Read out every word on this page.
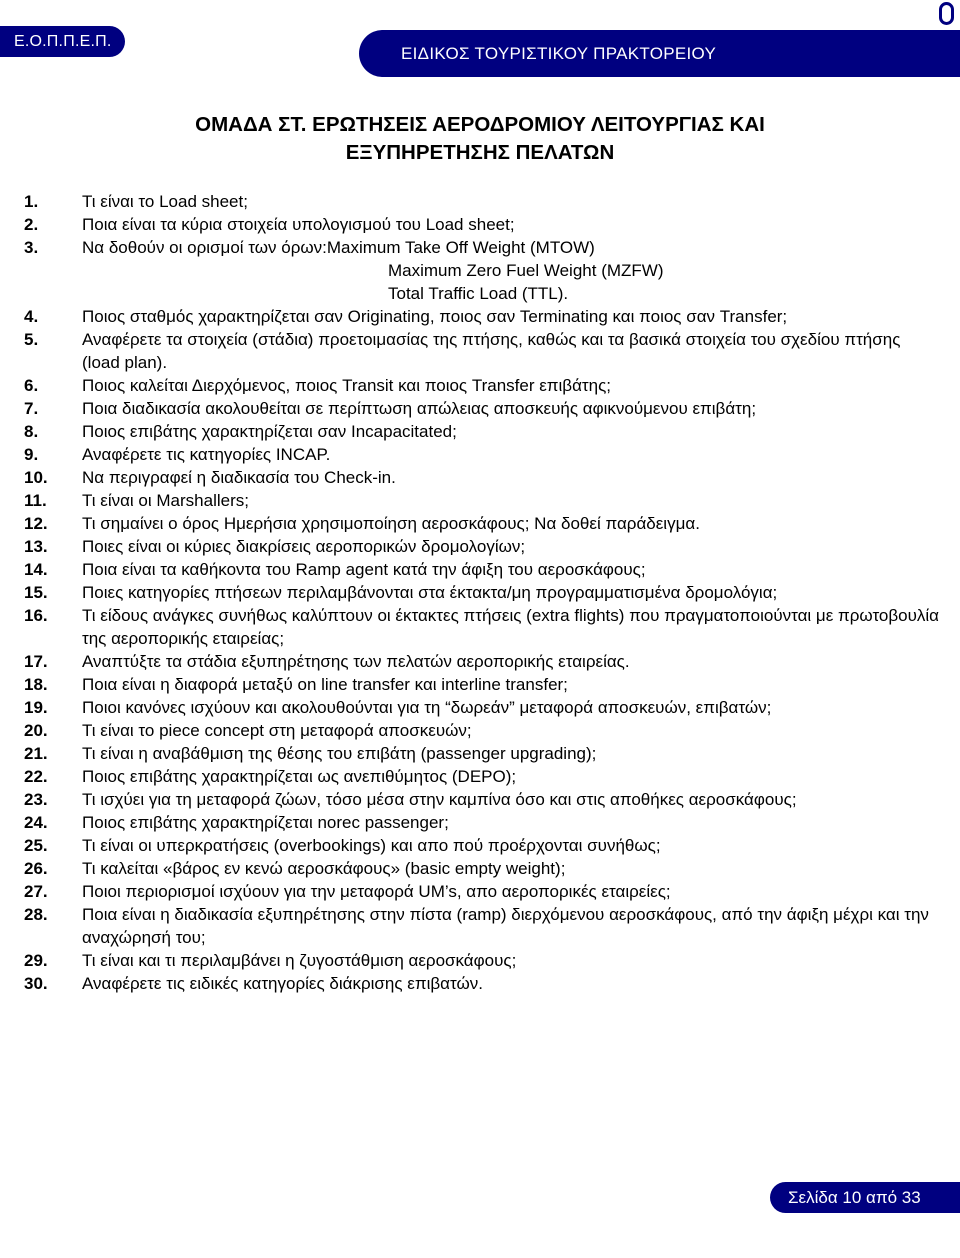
Ε.Ο.Π.Π.Ε.Π.
ΕΙΔΙΚΟΣ ΤΟΥΡΙΣΤΙΚΟΥ ΠΡΑΚΤΟΡΕΙΟΥ
ΟΜΑΔΑ ΣΤ. ΕΡΩΤΗΣΕΙΣ ΑΕΡΟΔΡΟΜΙΟΥ ΛΕΙΤΟΥΡΓΙΑΣ ΚΑΙ
ΕΞΥΠΗΡΕΤΗΣΗΣ ΠΕΛΑΤΩΝ
1.	Τι είναι το Load sheet;
2.	Ποια είναι τα κύρια στοιχεία υπολογισμού του Load sheet;
3.	Να δοθούν οι ορισμοί των όρων:Maximum Take Off Weight (MTOW)
Maximum Zero Fuel Weight (MZFW)
Total Traffic Load (TTL).
4.	Ποιος σταθμός χαρακτηρίζεται σαν Originating, ποιος σαν Terminating και ποιος σαν Transfer;
5.	Αναφέρετε τα στοιχεία (στάδια) προετοιμασίας της πτήσης, καθώς και τα βασικά στοιχεία του σχεδίου πτήσης (load plan).
6.	Ποιος καλείται Διερχόμενος, ποιος Transit και ποιος Transfer επιβάτης;
7.	Ποια διαδικασία ακολουθείται σε περίπτωση απώλειας αποσκευής αφικνούμενου επιβάτη;
8.	Ποιος επιβάτης χαρακτηρίζεται σαν Incapacitated;
9.	Αναφέρετε τις κατηγορίες INCAP.
10. Να περιγραφεί η διαδικασία του Check-in.
11. Τι είναι οι Marshallers;
12. Τι σημαίνει ο όρος Ημερήσια χρησιμοποίηση αεροσκάφους; Να δοθεί παράδειγμα.
13. Ποιες είναι οι κύριες διακρίσεις αεροπορικών δρομολογίων;
14. Ποια είναι τα καθήκοντα του Ramp agent κατά την άφιξη του αεροσκάφους;
15. Ποιες κατηγορίες πτήσεων περιλαμβάνονται στα έκτακτα/μη προγραμματισμένα δρομολόγια;
16. Τι είδους ανάγκες συνήθως καλύπτουν οι έκτακτες πτήσεις (extra flights) που πραγματοποιούνται με πρωτοβουλία της αεροπορικής εταιρείας;
17. Αναπτύξτε τα στάδια εξυπηρέτησης των πελατών αεροπορικής εταιρείας.
18. Ποια είναι η διαφορά μεταξύ on line transfer και interline transfer;
19. Ποιοι κανόνες ισχύουν και ακολουθούνται για τη “δωρεάν” μεταφορά αποσκευών, επιβατών;
20. Τι είναι το piece concept στη μεταφορά αποσκευών;
21. Τι είναι η αναβάθμιση της θέσης του επιβάτη (passenger upgrading);
22. Ποιος επιβάτης χαρακτηρίζεται ως ανεπιθύμητος (DEPO);
23. Τι ισχύει για τη μεταφορά ζώων, τόσο μέσα στην καμπίνα όσο και στις αποθήκες αεροσκάφους;
24. Ποιος επιβάτης χαρακτηρίζεται norec passenger;
25. Τι είναι οι υπερκρατήσεις (overbookings) και απο πού προέρχονται συνήθως;
26. Τι καλείται «βάρος εν κενώ αεροσκάφους» (basic empty weight);
27. Ποιοι περιορισμοί ισχύουν για την μεταφορά UM’s, απο αεροπορικές εταιρείες;
28. Ποια είναι η διαδικασία εξυπηρέτησης στην πίστα (ramp) διερχόμενου αεροσκάφους, από την άφιξη μέχρι και την αναχώρησή του;
29. Τι είναι και τι περιλαμβάνει η ζυγοστάθμιση αεροσκάφους;
30. Αναφέρετε τις ειδικές κατηγορίες διάκρισης επιβατών.
Σελίδα 10 από 33
